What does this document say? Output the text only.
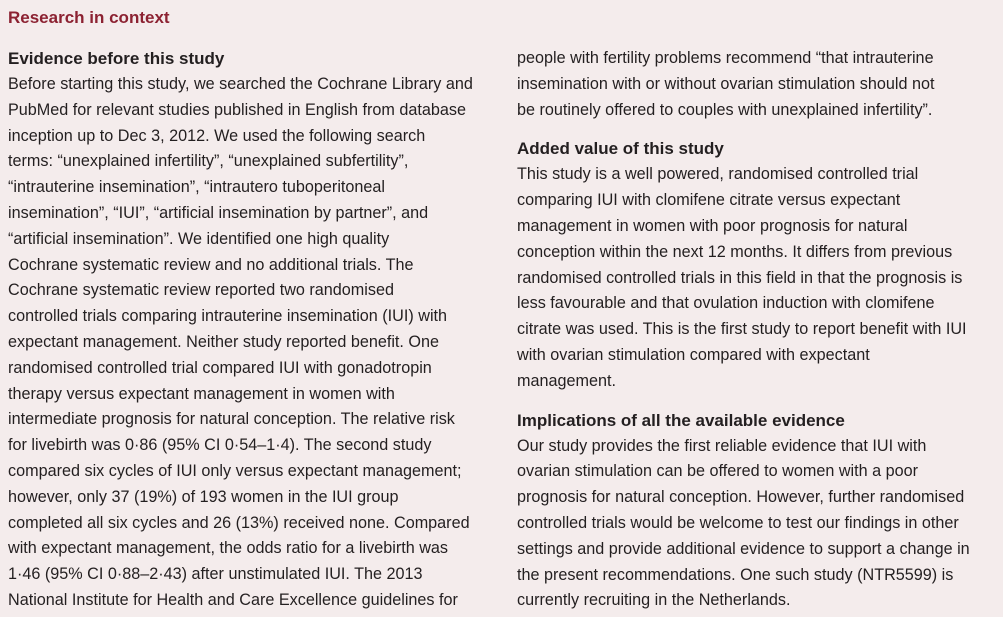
Research in context
Evidence before this study
Before starting this study, we searched the Cochrane Library and
PubMed for relevant studies published in English from database
inception up to Dec 3, 2012. We used the following search
terms: “unexplained infertility”, “unexplained subfertility”,
“intrauterine insemination”, “intrautero tuboperitoneal
insemination”, “IUI”, “artificial insemination by partner”, and
“artificial insemination”. We identified one high quality
Cochrane systematic review and no additional trials. The
Cochrane systematic review reported two randomised
controlled trials comparing intrauterine insemination (IUI) with
expectant management. Neither study reported benefit. One
randomised controlled trial compared IUI with gonadotropin
therapy versus expectant management in women with
intermediate prognosis for natural conception. The relative risk
for livebirth was 0·86 (95% CI 0·54–1·4). The second study
compared six cycles of IUI only versus expectant management;
however, only 37 (19%) of 193 women in the IUI group
completed all six cycles and 26 (13%) received none. Compared
with expectant management, the odds ratio for a livebirth was
1·46 (95% CI 0·88–2·43) after unstimulated IUI. The 2013
National Institute for Health and Care Excellence guidelines for
people with fertility problems recommend “that intrauterine
insemination with or without ovarian stimulation should not
be routinely offered to couples with unexplained infertility”.
Added value of this study
This study is a well powered, randomised controlled trial
comparing IUI with clomifene citrate versus expectant
management in women with poor prognosis for natural
conception within the next 12 months. It differs from previous
randomised controlled trials in this field in that the prognosis is
less favourable and that ovulation induction with clomifene
citrate was used. This is the first study to report benefit with IUI
with ovarian stimulation compared with expectant
management.
Implications of all the available evidence
Our study provides the first reliable evidence that IUI with
ovarian stimulation can be offered to women with a poor
prognosis for natural conception. However, further randomised
controlled trials would be welcome to test our findings in other
settings and provide additional evidence to support a change in
the present recommendations. One such study (NTR5599) is
currently recruiting in the Netherlands.
